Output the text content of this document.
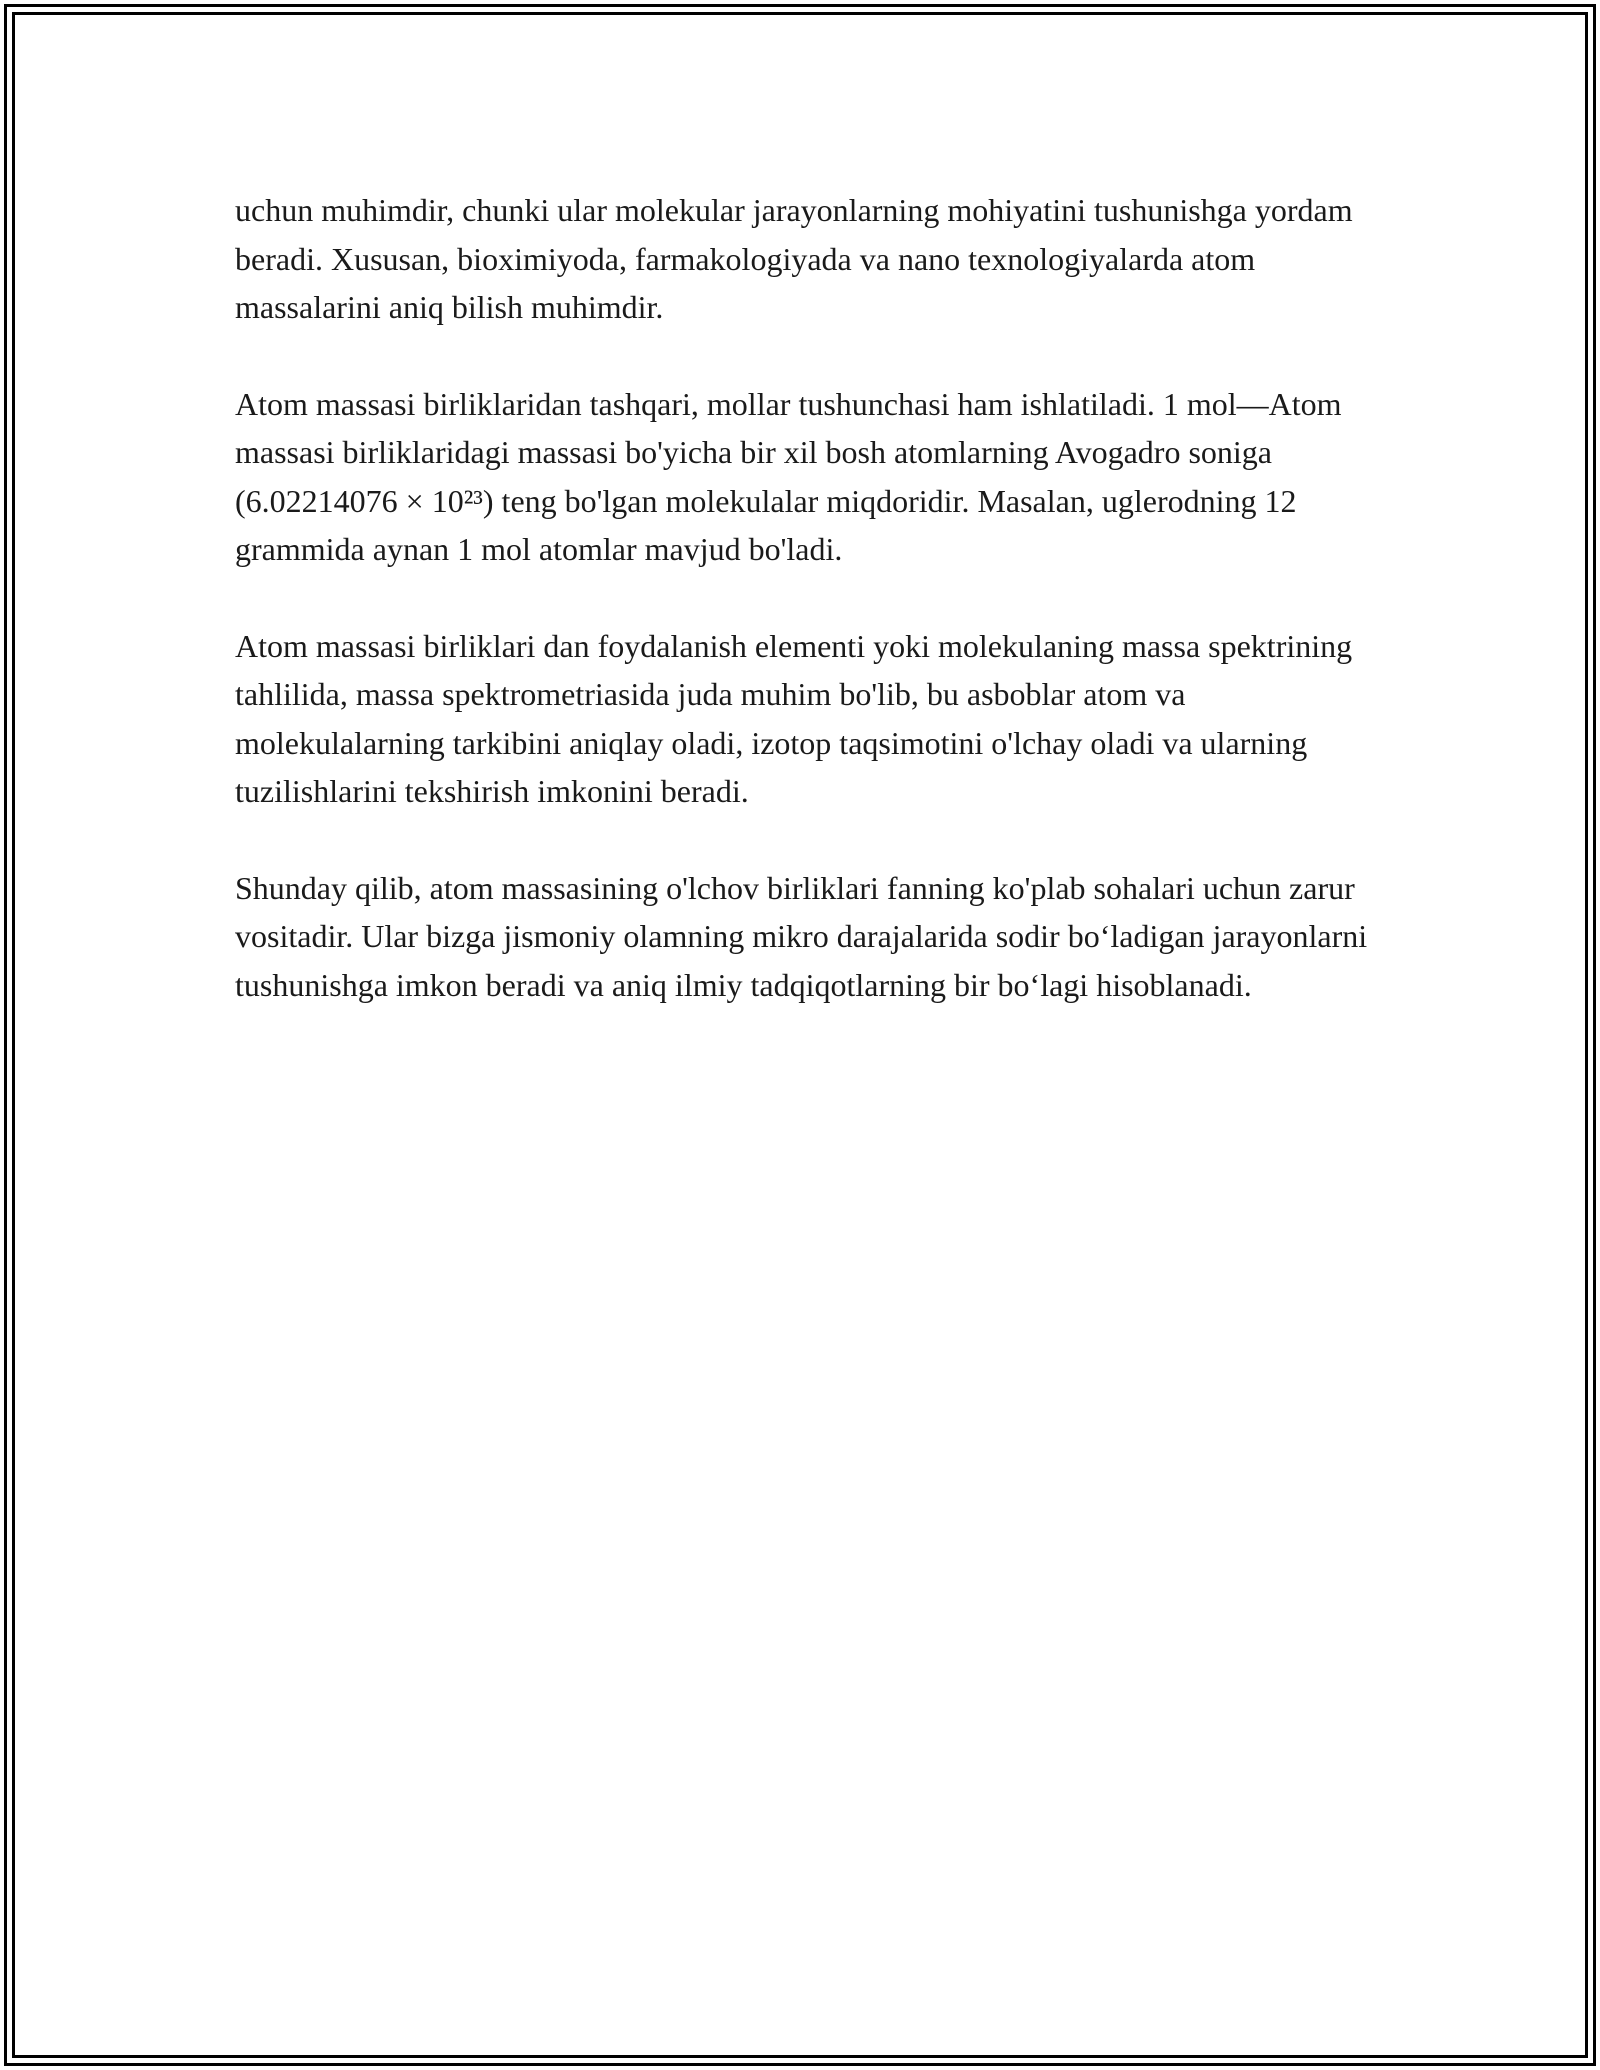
uchun muhimdir, chunki ular molekular jarayonlarning mohiyatini tushunishga yordam beradi. Xususan, bioximiyoda, farmakologiyada va nano texnologiyalarda atom massalarini aniq bilish muhimdir.

Atom massasi birliklaridan tashqari, mollar tushunchasi ham ishlatiladi. 1 mol—Atom massasi birliklaridagi massasi bo'yicha bir xil bosh atomlarning Avogadro soniga (6.02214076 × 10²³) teng bo'lgan molekulalar miqdoridir. Masalan, uglerodning 12 grammida aynan 1 mol atomlar mavjud bo'ladi.

Atom massasi birliklari dan foydalanish elementi yoki molekulaning massa spektrining tahlilida, massa spektrometriasida juda muhim bo'lib, bu asboblar atom va molekulalarning tarkibini aniqlay oladi, izotop taqsimotini o'lchay oladi va ularning tuzilishlarini tekshirish imkonini beradi.

Shunday qilib, atom massasining o'lchov birliklari fanning ko'plab sohalari uchun zarur vositadir. Ular bizga jismoniy olamning mikro darajalarida sodir bo‘ladigan jarayonlarni tushunishga imkon beradi va aniq ilmiy tadqiqotlarning bir bo‘lagi hisoblanadi.
